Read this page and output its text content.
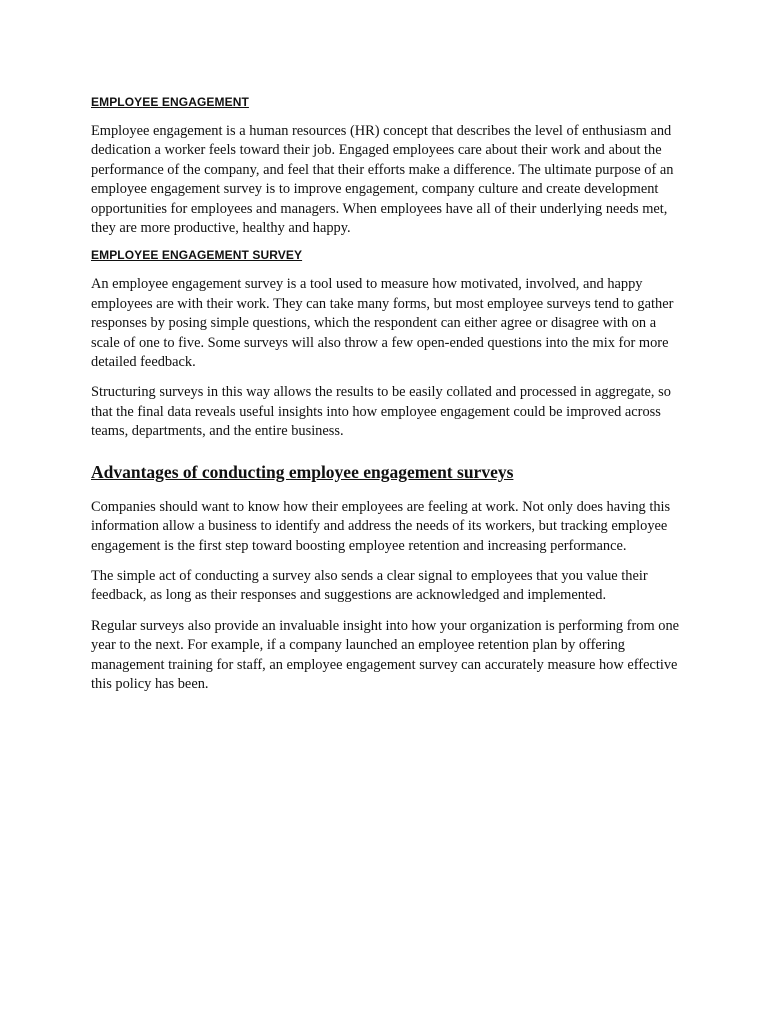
EMPLOYEE ENGAGEMENT

Employee engagement is a human resources (HR) concept that describes the level of enthusiasm and dedication a worker feels toward their job. Engaged employees care about their work and about the performance of the company, and feel that their efforts make a difference. The ultimate purpose of an employee engagement survey is to improve engagement, company culture and create development opportunities for employees and managers. When employees have all of their underlying needs met, they are more productive, healthy and happy.

EMPLOYEE ENGAGEMENT SURVEY

An employee engagement survey is a tool used to measure how motivated, involved, and happy employees are with their work. They can take many forms, but most employee surveys tend to gather responses by posing simple questions, which the respondent can either agree or disagree with on a scale of one to five. Some surveys will also throw a few open-ended questions into the mix for more detailed feedback.

Structuring surveys in this way allows the results to be easily collated and processed in aggregate, so that the final data reveals useful insights into how employee engagement could be improved across teams, departments, and the entire business.

Advantages of conducting employee engagement surveys

Companies should want to know how their employees are feeling at work. Not only does having this information allow a business to identify and address the needs of its workers, but tracking employee engagement is the first step toward boosting employee retention and increasing performance.

The simple act of conducting a survey also sends a clear signal to employees that you value their feedback, as long as their responses and suggestions are acknowledged and implemented.

Regular surveys also provide an invaluable insight into how your organization is performing from one year to the next. For example, if a company launched an employee retention plan by offering management training for staff, an employee engagement survey can accurately measure how effective this policy has been.
